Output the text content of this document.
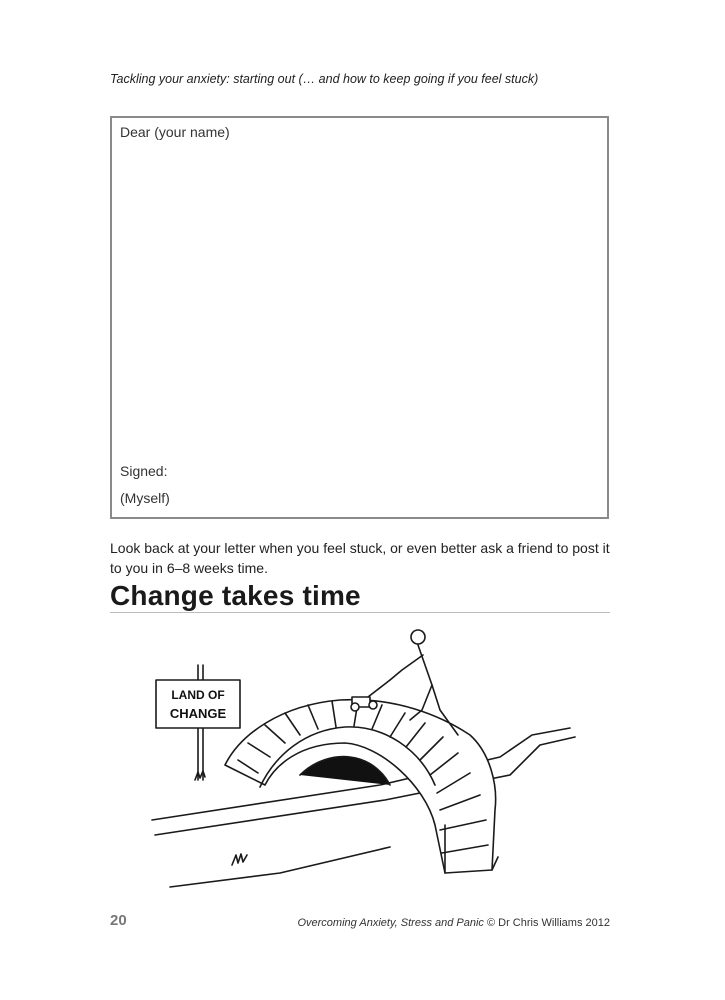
Tackling your anxiety: starting out (… and how to keep going if you feel stuck)
Dear (your name)
Signed:
(Myself)
Look back at your letter when you feel stuck, or even better ask a friend to post it to you in 6–8 weeks time.
Change takes time
LAND OF
CHANGE
20	Overcoming Anxiety, Stress and Panic © Dr Chris Williams 2012
